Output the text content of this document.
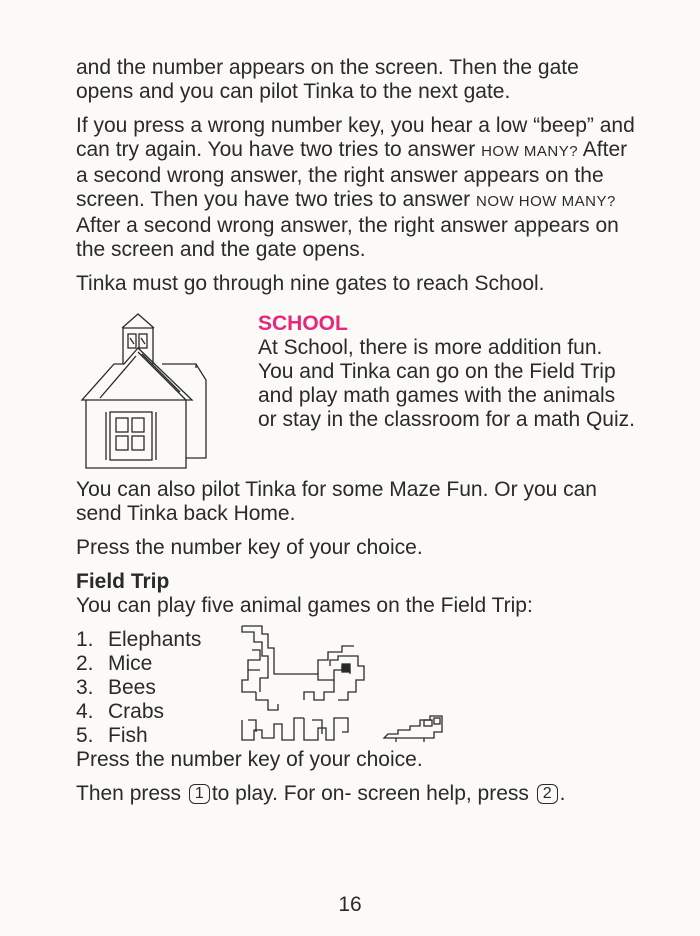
and the number appears on the screen. Then the gate opens and you can pilot Tinka to the next gate.

If you press a wrong number key, you hear a low “beep” and can try again. You have two tries to answer HOW MANY? After a second wrong answer, the right answer appears on the screen. Then you have two tries to answer NOW HOW MANY? After a second wrong answer, the right answer appears on the screen and the gate opens.

Tinka must go through nine gates to reach School.

SCHOOL

At School, there is more addition fun. You and Tinka can go on the Field Trip and play math games with the animals or stay in the classroom for a math Quiz.

You can also pilot Tinka for some Maze Fun. Or you can send Tinka back Home.

Press the number key of your choice.

Field Trip

You can play five animal games on the Field Trip:

1. Elephants
2. Mice
3. Bees
4. Crabs
5. Fish

Press the number key of your choice.

Then press 1 to play. For on- screen help, press 2 .

16
